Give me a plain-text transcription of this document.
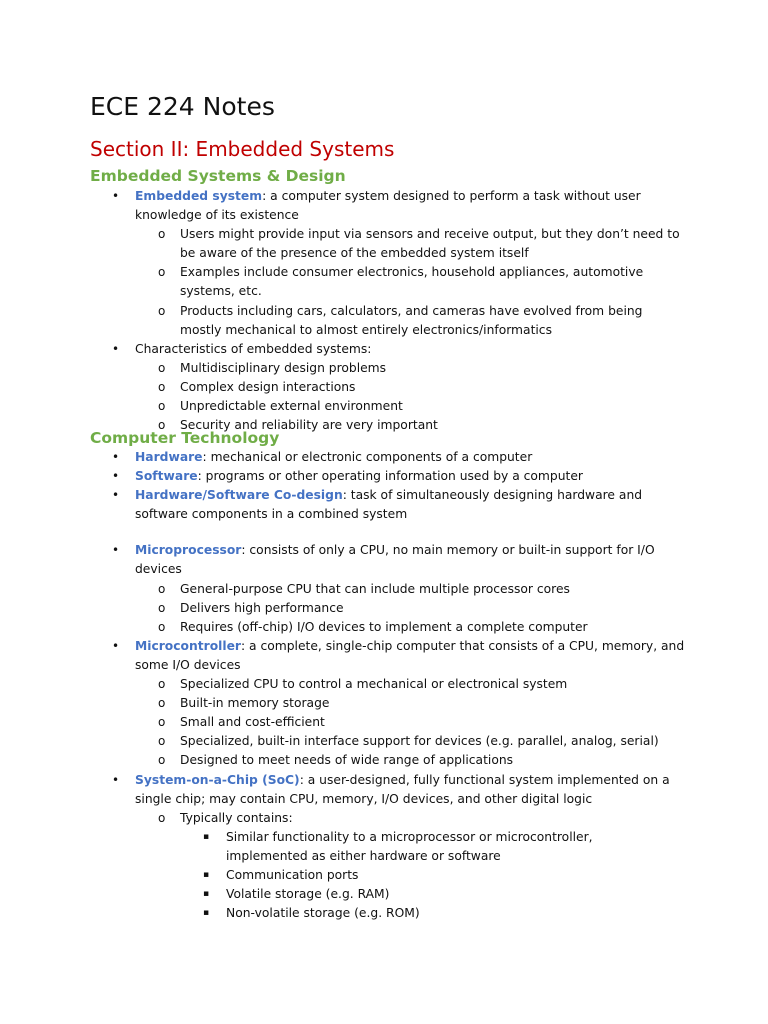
ECE 224 Notes
Section II: Embedded Systems
Embedded Systems & Design
• Embedded system: a computer system designed to perform a task without user knowledge of its existence
o Users might provide input via sensors and receive output, but they don’t need to be aware of the presence of the embedded system itself
o Examples include consumer electronics, household appliances, automotive systems, etc.
o Products including cars, calculators, and cameras have evolved from being mostly mechanical to almost entirely electronics/informatics
• Characteristics of embedded systems:
o Multidisciplinary design problems
o Complex design interactions
o Unpredictable external environment
o Security and reliability are very important
Computer Technology
• Hardware: mechanical or electronic components of a computer
• Software: programs or other operating information used by a computer
• Hardware/Software Co-design: task of simultaneously designing hardware and software components in a combined system
• Microprocessor: consists of only a CPU, no main memory or built-in support for I/O devices
o General-purpose CPU that can include multiple processor cores
o Delivers high performance
o Requires (off-chip) I/O devices to implement a complete computer
• Microcontroller: a complete, single-chip computer that consists of a CPU, memory, and some I/O devices
o Specialized CPU to control a mechanical or electronical system
o Built-in memory storage
o Small and cost-efficient
o Specialized, built-in interface support for devices (e.g. parallel, analog, serial)
o Designed to meet needs of wide range of applications
• System-on-a-Chip (SoC): a user-designed, fully functional system implemented on a single chip; may contain CPU, memory, I/O devices, and other digital logic
o Typically contains:
▪ Similar functionality to a microprocessor or microcontroller, implemented as either hardware or software
▪ Communication ports
▪ Volatile storage (e.g. RAM)
▪ Non-volatile storage (e.g. ROM)
